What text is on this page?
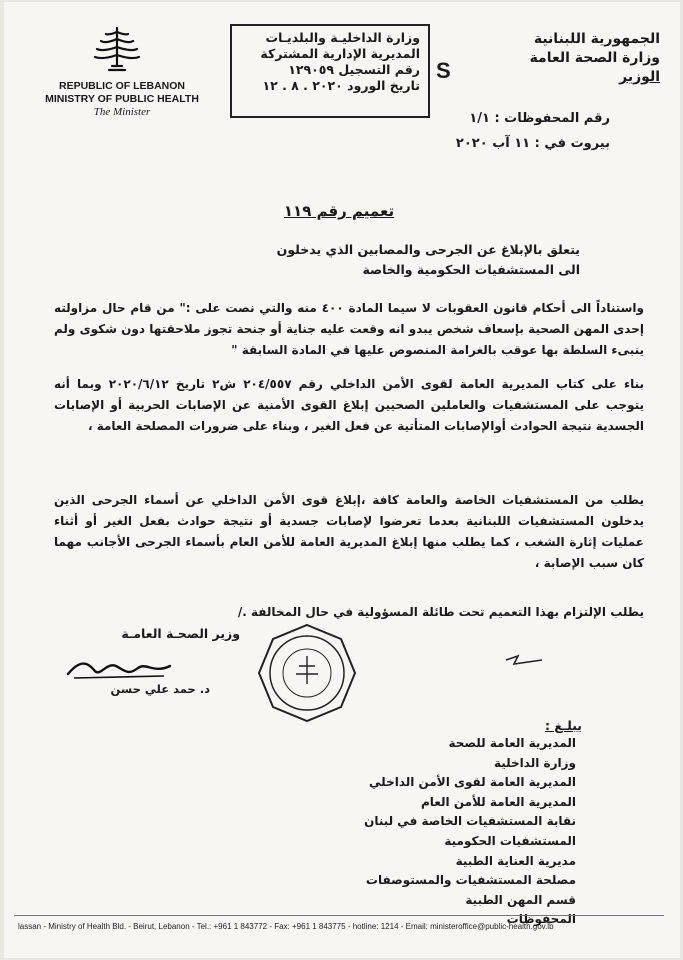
الجمهورية اللبنانية
وزارة الصحة العامة
الوزير
REPUBLIC OF LEBANON
MINISTRY OF PUBLIC HEALTH
The Minister
وزارة الداخليـة والبلديـات
المديرية الإدارية المشتركة
رقم التسجيل ١٢٩٠٥٩
تاريخ الورود ٢٠٢٠ . ٨ . ١٢
S
رقم المحفوظات : ١/١
بيروت في : ١١ آب ٢٠٢٠
تعميم رقم ١١٩
يتعلق بالإبلاغ عن الجرحى والمصابين الذي يدخلون
الى المستشفيات الحكومية والخاصة
واستناداً الى أحكام قانون العقوبات لا سيما المادة ٤٠٠ منه والتي نصت على :" من قام حال مزاولته إحدى المهن الصحية بإسعاف شخص يبدو انه وقعت عليه جناية أو جنحة تجوز ملاحقتها دون شكوى ولم ينبىء السلطة بها عوقب بالغرامة المنصوص عليها في المادة السابقة "
بناء على كتاب المديرية العامة لقوى الأمن الداخلي رقم ٢٠٤/٥٥٧ ش٢ تاريخ ٢٠٢٠/٦/١٢ وبما أنه يتوجب على المستشفيات والعاملين الصحيين إبلاغ القوى الأمنية عن الإصابات الحربية أو الإصابات الجسدية نتيجة الحوادث أوالإصابات المتأتية عن فعل الغير ، وبناء على ضرورات المصلحة العامة ،
يطلب من المستشفيات الخاصة والعامة كافة ،إبلاغ قوى الأمن الداخلي عن أسماء الجرحى الذين يدخلون المستشفيات اللبنانية بعدما تعرضوا لإصابات جسدية أو نتيجة حوادث بفعل الغير أو أثناء عمليات إثارة الشغب ، كما يطلب منها إبلاغ المديرية العامة للأمن العام بأسماء الجرحى الأجانب مهما كان سبب الإصابة ،
يطلب الإلتزام بهذا التعميم تحت طائلة المسؤولية في حال المخالفة ./
وزير الصحـة العامـة
د. حمد علي حسن
يبلـغ :
المديرية العامة للصحة
وزارة الداخلية
المديرية العامة لقوى الأمن الداخلي
المديرية العامة للأمن العام
نقابة المستشفيات الخاصة في لبنان
المستشفيات الحكومية
مديرية العناية الطبية
مصلحة المستشفيات والمستوصفات
قسم المهن الطبية
المحفوظات
lassan - Ministry of Health Bld. - Beirut, Lebanon - Tel.: +961 1 843772 - Fax: +961 1 843775 - hotline: 1214 - Email: ministeroffice@public-health.gov.lb
